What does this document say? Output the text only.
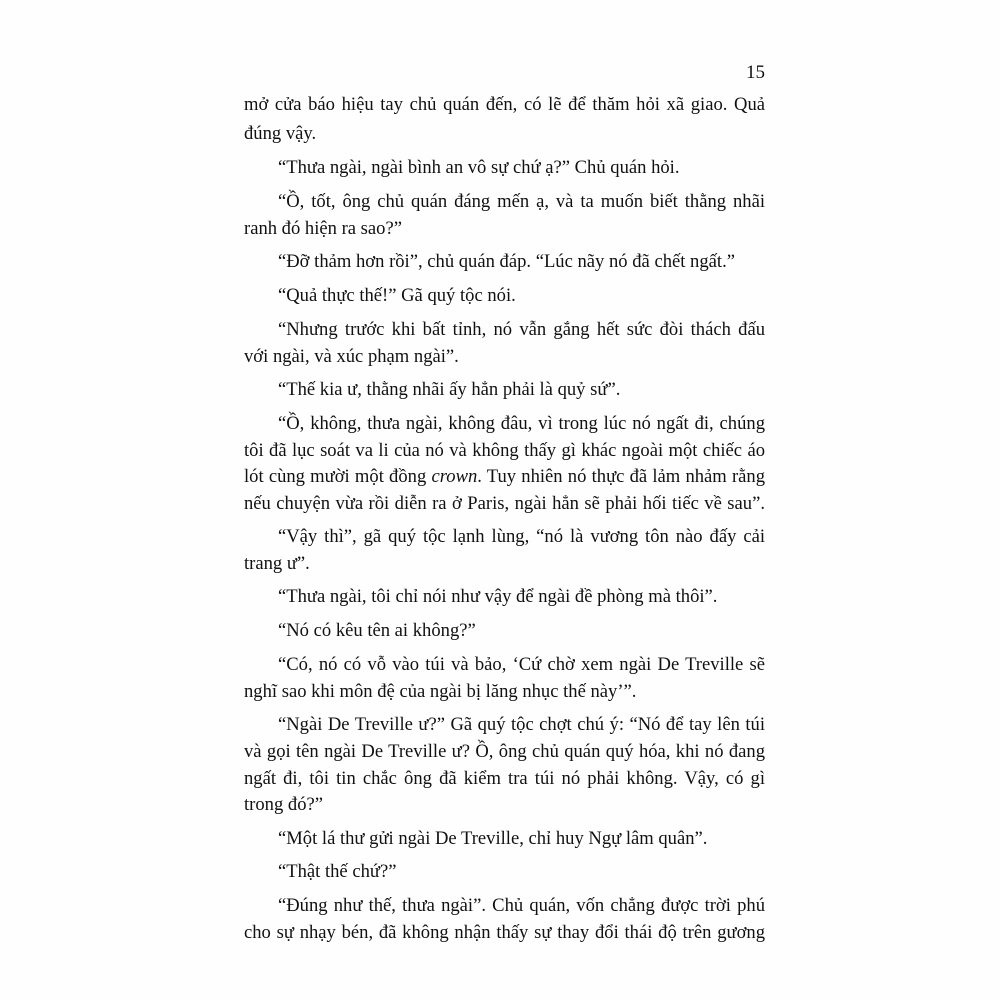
15
mở cửa báo hiệu tay chủ quán đến, có lẽ để thăm hỏi xã giao. Quả
đúng vậy.
“Thưa ngài, ngài bình an vô sự chứ ạ?” Chủ quán hỏi.
“Ồ, tốt, ông chủ quán đáng mến ạ, và ta muốn biết thằng nhãi
ranh đó hiện ra sao?”
“Đỡ thảm hơn rồi”, chủ quán đáp. “Lúc nãy nó đã chết ngất.”
“Quả thực thế!” Gã quý tộc nói.
“Nhưng trước khi bất tỉnh, nó vẫn gắng hết sức đòi thách đấu
với ngài, và xúc phạm ngài”.
“Thế kia ư, thằng nhãi ấy hẳn phải là quỷ sứ”.
“Ồ, không, thưa ngài, không đâu, vì trong lúc nó ngất đi, chúng
tôi đã lục soát va li của nó và không thấy gì khác ngoài một chiếc áo
lót cùng mười một đồng crown. Tuy nhiên nó thực đã lảm nhảm rằng
nếu chuyện vừa rồi diễn ra ở Paris, ngài hẳn sẽ phải hối tiếc về sau”.
“Vậy thì”, gã quý tộc lạnh lùng, “nó là vương tôn nào đấy cải
trang ư”.
“Thưa ngài, tôi chỉ nói như vậy để ngài đề phòng mà thôi”.
“Nó có kêu tên ai không?”
“Có, nó có vỗ vào túi và bảo, ‘Cứ chờ xem ngài De Treville sẽ
nghĩ sao khi môn đệ của ngài bị lăng nhục thế này’”.
“Ngài De Treville ư?” Gã quý tộc chợt chú ý: “Nó để tay lên túi
và gọi tên ngài De Treville ư? Ồ, ông chủ quán quý hóa, khi nó đang
ngất đi, tôi tin chắc ông đã kiểm tra túi nó phải không. Vậy, có gì
trong đó?”
“Một lá thư gửi ngài De Treville, chỉ huy Ngự lâm quân”.
“Thật thế chứ?”
“Đúng như thế, thưa ngài”. Chủ quán, vốn chẳng được trời phú
cho sự nhạy bén, đã không nhận thấy sự thay đổi thái độ trên gương
